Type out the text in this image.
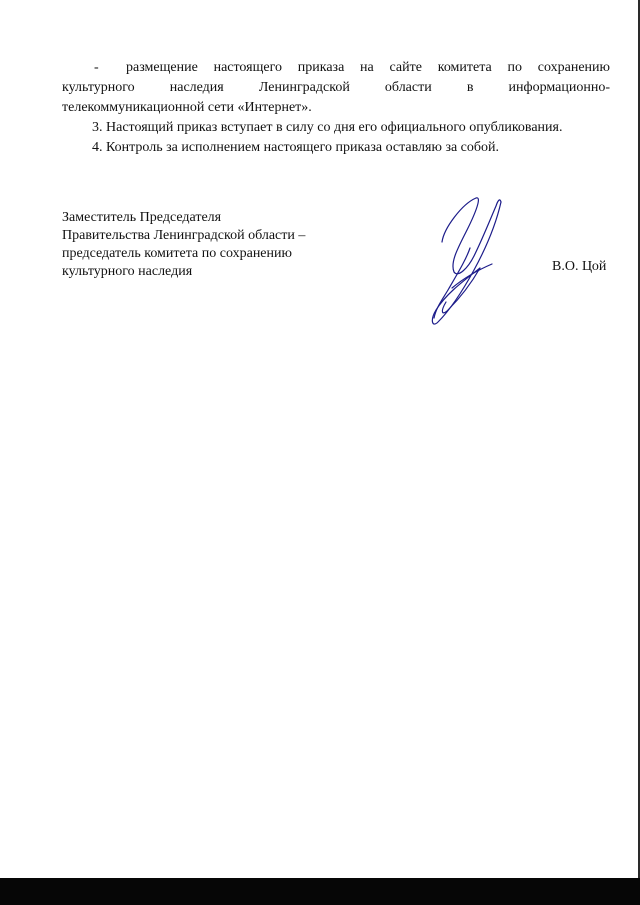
- размещение настоящего приказа на сайте комитета по сохранению
культурного наследия Ленинградской области в информационно-
телекоммуникационной сети «Интернет».
3. Настоящий приказ вступает в силу со дня его официального опубликования.
4. Контроль за исполнением настоящего приказа оставляю за собой.
Заместитель Председателя
Правительства Ленинградской области –
председатель комитета по сохранению
культурного наследия	В.О. Цой
